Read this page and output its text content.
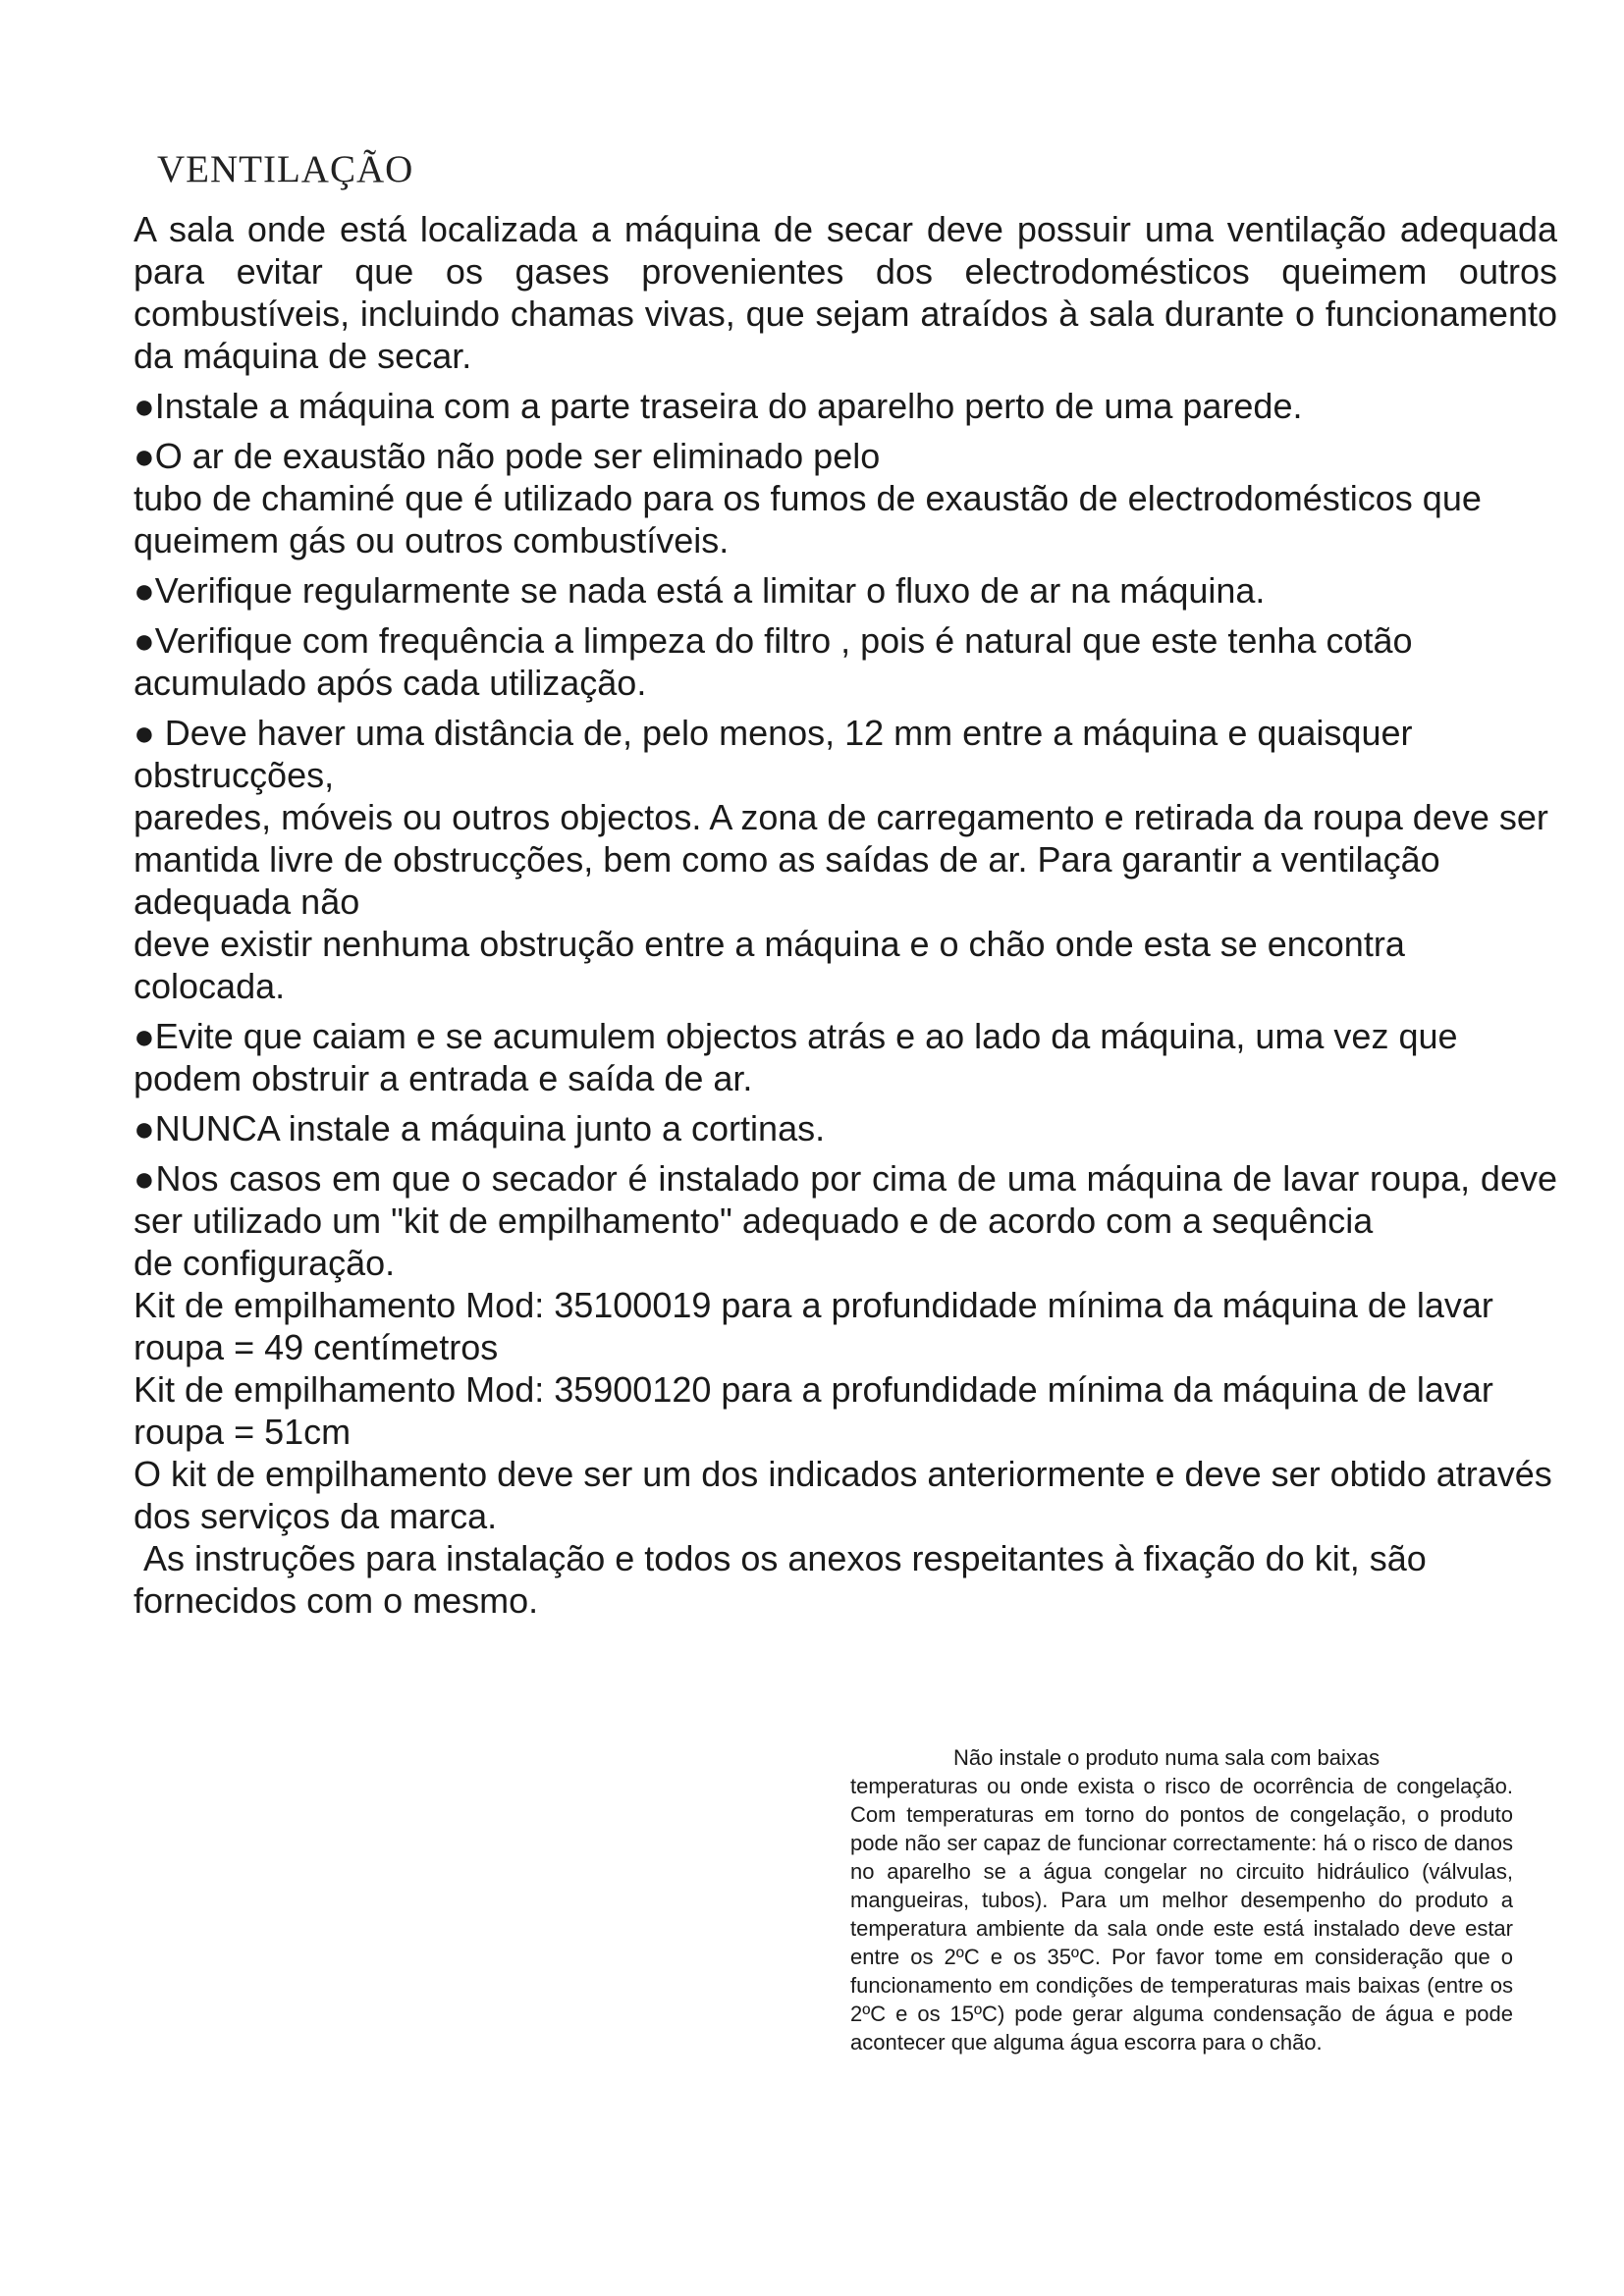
VENTILAÇÃO

A sala onde está localizada a máquina de secar deve possuir uma ventilação adequada para evitar que os gases provenientes dos electrodomésticos queimem outros combustíveis, incluindo chamas vivas, que sejam atraídos à sala durante o funcionamento da máquina de secar.

●Instale a máquina com a parte traseira do aparelho perto de uma parede.

●O ar de exaustão não pode ser eliminado pelo

tubo de chaminé que é utilizado para os fumos de exaustão de electrodomésticos que queimem gás ou outros combustíveis.

●Verifique regularmente se nada está a limitar o fluxo de ar na máquina.

●Verifique com frequência a limpeza do filtro , pois é natural que este tenha cotão acumulado após cada utilização.

● Deve haver uma distância de, pelo menos, 12 mm entre a máquina e quaisquer obstrucções,

paredes, móveis ou outros objectos. A zona de carregamento e retirada da roupa deve ser

mantida livre de obstrucções, bem como as saídas de ar. Para garantir a ventilação adequada não

deve existir nenhuma obstrução entre a máquina e o chão onde esta se encontra colocada.

●Evite que caiam e se acumulem objectos atrás e ao lado da máquina, uma vez que podem obstruir a entrada e saída de ar.

●NUNCA instale a máquina junto a cortinas.

●Nos casos em que o secador é instalado por cima de uma máquina de lavar roupa, deve ser utilizado um "kit de empilhamento" adequado e de acordo com a sequência

de configuração.

Kit de empilhamento Mod: 35100019 para a profundidade mínima da máquina de lavar roupa = 49 centímetros

Kit de empilhamento Mod: 35900120 para a profundidade mínima da máquina de lavar roupa = 51cm

O kit de empilhamento deve ser um dos indicados anteriormente e deve ser obtido através dos serviços da marca.

As instruções para instalação e todos os anexos respeitantes à fixação do kit, são fornecidos com o mesmo.

Não instale o produto numa sala com baixas
temperaturas ou onde exista o risco de ocorrência de congelação. Com temperaturas em torno do pontos de congelação, o produto pode não ser capaz de funcionar correctamente: há o risco de danos no aparelho se a água congelar no circuito hidráulico (válvulas, mangueiras, tubos). Para um melhor desempenho do produto a temperatura ambiente da sala onde este está instalado deve estar entre os 2ºC e os 35ºC. Por favor tome em consideração que o funcionamento em condições de temperaturas mais baixas (entre os 2ºC e os 15ºC) pode gerar alguma condensação de água e pode acontecer que alguma água escorra para o chão.
